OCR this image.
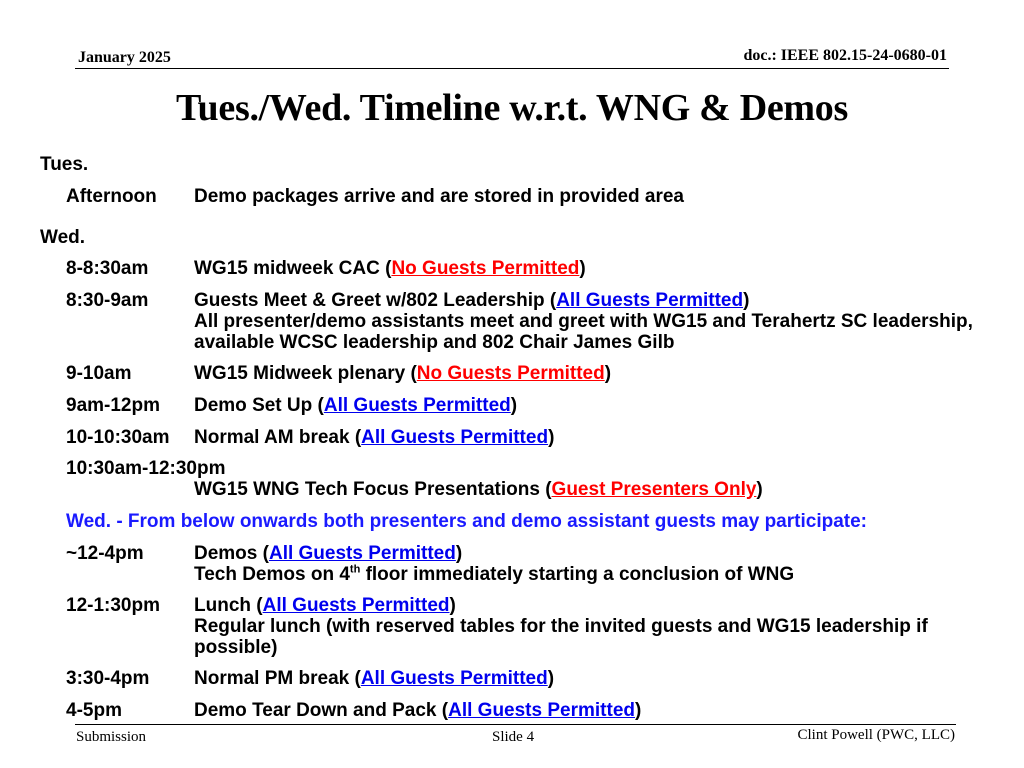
January 2025	doc.: IEEE 802.15-24-0680-01
Tues./Wed. Timeline w.r.t. WNG & Demos
Tues.
Afternoon Demo packages arrive and are stored in provided area
Wed.
8-8:30am WG15 midweek CAC (No Guests Permitted)
8:30-9am Guests Meet & Greet w/802 Leadership (All Guests Permitted)
All presenter/demo assistants meet and greet with WG15 and Terahertz SC leadership, available WCSC leadership and 802 Chair James Gilb
9-10am	WG15 Midweek plenary (No Guests Permitted)
9am-12pm Demo Set Up (All Guests Permitted)
10-10:30am Normal AM break (All Guests Permitted)
10:30am-12:30pm
WG15 WNG Tech Focus Presentations (Guest Presenters Only)
Wed. - From below onwards both presenters and demo assistant guests may participate:
~12-4pm	Demos (All Guests Permitted)
Tech Demos on 4th floor immediately starting a conclusion of WNG
12-1:30pm Lunch (All Guests Permitted)
Regular lunch (with reserved tables for the invited guests and WG15 leadership if possible)
3:30-4pm Normal PM break (All Guests Permitted)
4-5pm	Demo Tear Down and Pack (All Guests Permitted)
Submission	Slide 4	Clint Powell (PWC, LLC)
